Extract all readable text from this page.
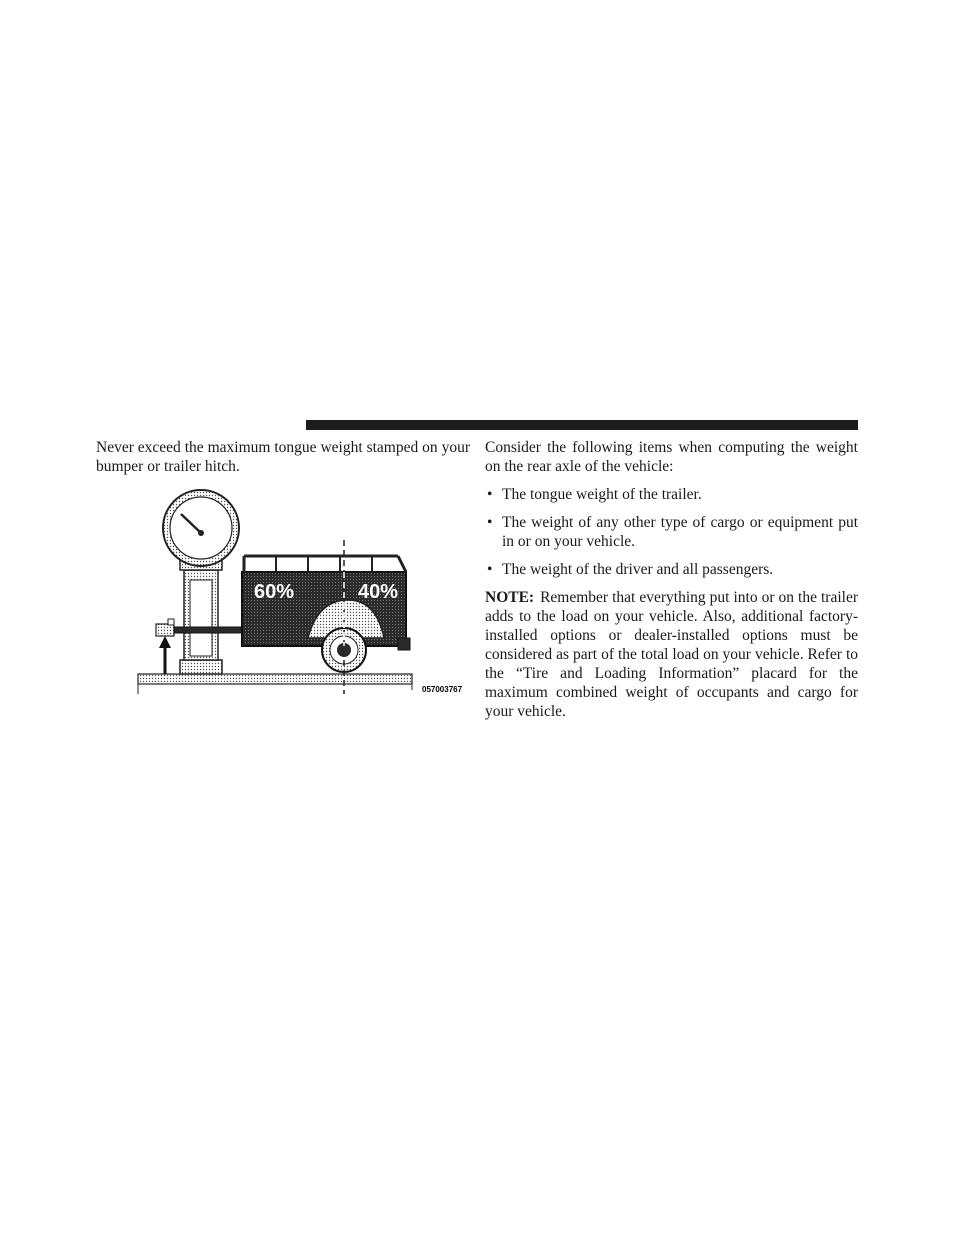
Never exceed the maximum tongue weight stamped on your bumper or trailer hitch.

60%	40%
057003767

Consider the following items when computing the weight on the rear axle of the vehicle:

• The tongue weight of the trailer.
• The weight of any other type of cargo or equipment put in or on your vehicle.
• The weight of the driver and all passengers.

NOTE: Remember that everything put into or on the trailer adds to the load on your vehicle. Also, additional factory-installed options or dealer-installed options must be considered as part of the total load on your vehicle. Refer to the “Tire and Loading Information” placard for the maximum combined weight of occupants and cargo for your vehicle.
